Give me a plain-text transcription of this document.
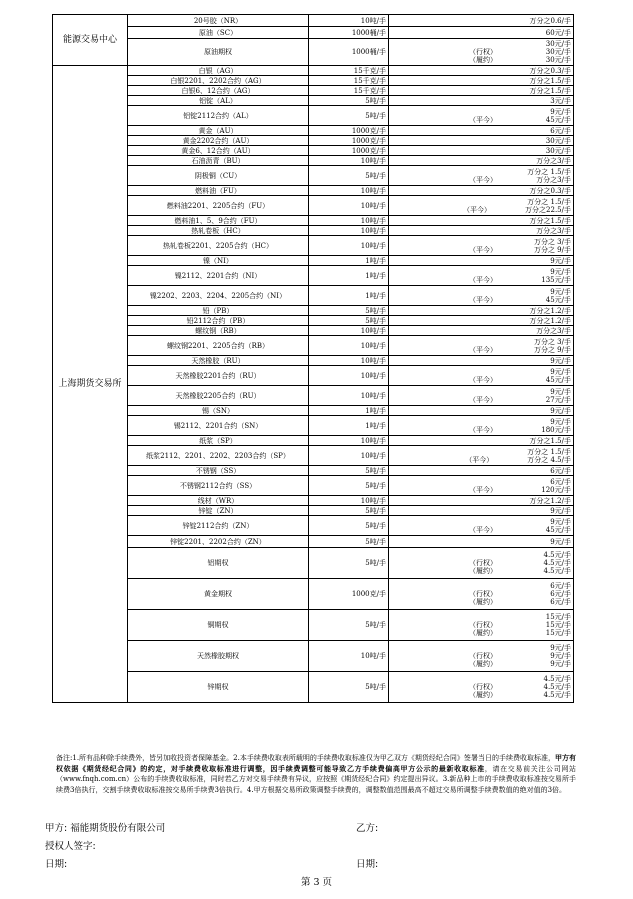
能源交易中心	20号胶（NR）	10吨/手	万分之0.6/手

	原油（SC）	1000桶/手	60元/手

	原油期权	1000桶/手	30元/手
（行权） 30元/手
（履约） 30元/手

上海期货交易所	白银（AG）	15千克/手	万分之0.3/手

	白银2201、2202合约（AG）	15千克/手	万分之1.5/手

	白银6、12合约（AG）	15千克/手	万分之1.5/手

	铝锭（AL）	5吨/手	3元/手

	铝锭2112合约（AL）	5吨/手	9元/手
（平今） 45元/手

	黄金（AU）	1000克/手	6元/手

	黄金2202合约（AU）	1000克/手	30元/手

	黄金6、12合约（AU）	1000克/手	30元/手

	石油沥青（BU）	10吨/手	万分之3/手

	阴极铜（CU）	5吨/手	万分之 1.5/手
（平今） 万分之3/手

	燃料油（FU）	10吨/手	万分之0.3/手

	燃料油2201、2205合约（FU）	10吨/手	万分之 1.5/手
（平今） 万分之22.5/手

	燃料油1、5、9合约（FU）	10吨/手	万分之1.5/手

	热轧卷板（HC）	10吨/手	万分之3/手

	热轧卷板2201、2205合约（HC）	10吨/手	万分之 3/手
（平今） 万分之 9/手

	镍（NI）	1吨/手	9元/手

	镍2112、2201合约（NI）	1吨/手	9元/手
（平今） 135元/手

	镍2202、2203、2204、2205合约（NI）	1吨/手	9元/手
（平今） 45元/手

	铅（PB）	5吨/手	万分之1.2/手

	铅2112合约（PB）	5吨/手	万分之1.2/手

	螺纹钢（RB）	10吨/手	万分之3/手

	螺纹钢2201、2205合约（RB）	10吨/手	万分之 3/手
（平今） 万分之 9/手

	天然橡胶（RU）	10吨/手	9元/手

	天然橡胶2201合约（RU）	10吨/手	9元/手
（平今） 45元/手

	天然橡胶2205合约（RU）	10吨/手	9元/手
（平今） 27元/手

	锡（SN）	1吨/手	9元/手

	锡2112、2201合约（SN）	1吨/手	9元/手
（平今） 180元/手

	纸浆（SP）	10吨/手	万分之1.5/手

	纸浆2112、2201、2202、2203合约（SP）	10吨/手	万分之 1.5/手
（平今） 万分之 4.5/手

	不锈钢（SS）	5吨/手	6元/手

	不锈钢2112合约（SS）	5吨/手	6元/手
（平今） 120元/手

	线材（WR）	10吨/手	万分之1.2/手

	锌锭（ZN）	5吨/手	9元/手

	锌锭2112合约（ZN）	5吨/手	9元/手
（平今） 45元/手

	锌锭2201、2202合约（ZN）	5吨/手	9元/手

	铝期权	5吨/手	4.5元/手
（行权） 4.5元/手
（履约） 4.5元/手

	黄金期权	1000克/手	6元/手
（行权） 6元/手
（履约） 6元/手

	铜期权	5吨/手	15元/手
（行权） 15元/手
（履约） 15元/手

	天然橡胶期权	10吨/手	9元/手
（行权） 9元/手
（履约） 9元/手

	锌期权	5吨/手	4.5元/手
（行权） 4.5元/手
（履约） 4.5元/手
备注:1.所有品种除手续费外，皆另加收投资者保障基金。2.本手续费收取表所载明的手续费收取标准仅为甲乙双方《期货经纪合同》签署当日的手续费收取标准，甲方有权依据《期货经纪合同》的约定，对手续费收取标准进行调整，因手续费调整可能导致乙方手续费偏高甲方公示的最新收取标准，请在交易前关注公司网站（www.fnqh.com.cn）公布的手续费收取标准，同时若乙方对交易手续费有异议，应按照《期货经纪合同》约定提出异议。3.新品种上市的手续费收取标准按交易所手续费3倍执行，交割手续费收取标准按交易所手续费3倍执行。4.甲方根据交易所政策调整手续费的，调整数值范围最高不超过交易所调整手续费数值的绝对值的3倍。
甲方: 福能期货股份有限公司	乙方:
授权人签字:
日期:	日期:
第 3 页
